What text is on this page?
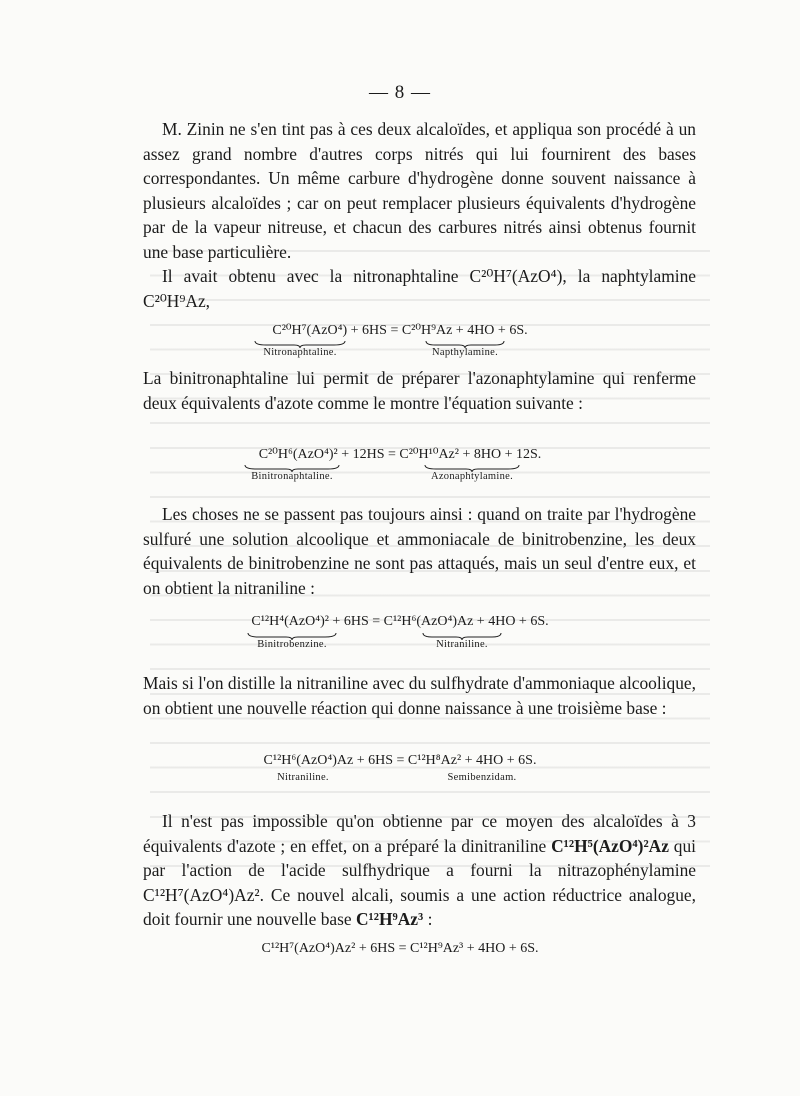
— 8 —

M. Zinin ne s'en tint pas à ces deux alcaloïdes, et appliqua son procédé à un assez grand nombre d'autres corps nitrés qui lui fournirent des bases correspondantes. Un même carbure d'hydrogène donne souvent naissance à plusieurs alcaloïdes ; car on peut remplacer plusieurs équivalents d'hydrogène par de la vapeur nitreuse, et chacun des carbures nitrés ainsi obtenus fournit une base particulière.

Il avait obtenu avec la nitronaphtaline C²⁰H⁷(AzO⁴), la naphtylamine C²⁰H⁹Az,

C²⁰H⁷(AzO⁴) + 6HS = C²⁰H⁹Az + 4HO + 6S.
Nitronaphtaline.	Napthylamine.

La binitronaphtaline lui permit de préparer l'azonaphtylamine qui renferme deux équivalents d'azote comme le montre l'équation suivante :

C²⁰H⁶(AzO⁴)² + 12HS = C²⁰H¹⁰Az² + 8HO + 12S.
Binitronaphtaline.	Azonaphtylamine.

Les choses ne se passent pas toujours ainsi : quand on traite par l'hydrogène sulfuré une solution alcoolique et ammoniacale de binitrobenzine, les deux équivalents de binitrobenzine ne sont pas attaqués, mais un seul d'entre eux, et on obtient la nitraniline :

C¹²H⁴(AzO⁴)² + 6HS = C¹²H⁶(AzO⁴)Az + 4HO + 6S.
Binitrobenzine.	Nitraniline.

Mais si l'on distille la nitraniline avec du sulfhydrate d'ammoniaque alcoolique, on obtient une nouvelle réaction qui donne naissance à une troisième base :

C¹²H⁶(AzO⁴)Az + 6HS = C¹²H⁸Az² + 4HO + 6S.
Nitraniline.	Semibenzidam.

Il n'est pas impossible qu'on obtienne par ce moyen des alcaloïdes à 3 équivalents d'azote ; en effet, on a préparé la dinitraniline C¹²H⁵(AzO⁴)²Az qui par l'action de l'acide sulfhydrique a fourni la nitrazophénylamine C¹²H⁷(AzO⁴)Az². Ce nouvel alcali, soumis a une action réductrice analogue, doit fournir une nouvelle base C¹²H⁹Az³ :

C¹²H⁷(AzO⁴)Az² + 6HS = C¹²H⁹Az³ + 4HO + 6S.
